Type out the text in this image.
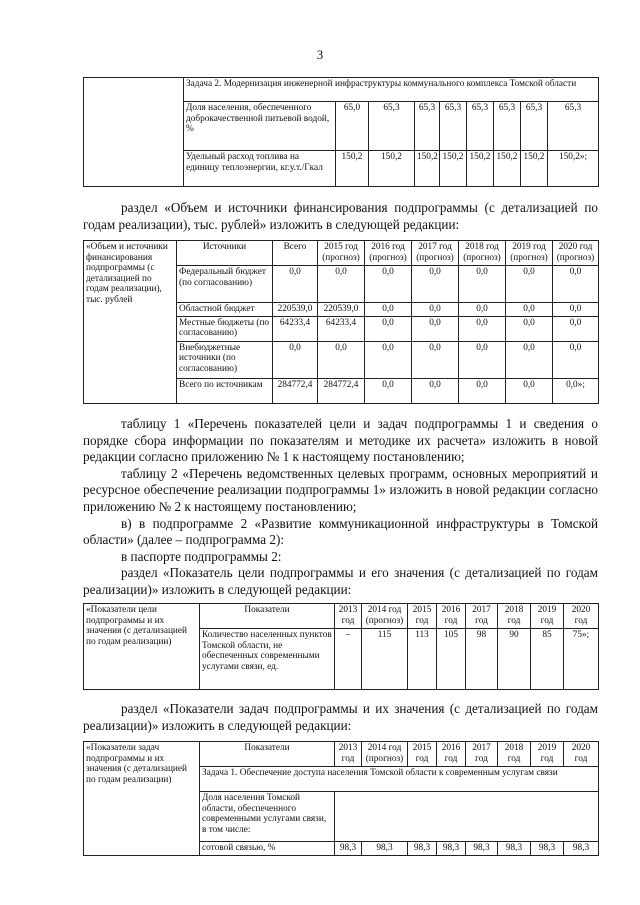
3
	Задача 2. Модернизация инженерной инфраструктуры коммунального комплекса Томской области								
	Доля населения, обеспеченного доброкачественной питьевой водой, %	65,0	65,3	65,3	65,3	65,3	65,3	65,3	65,3
	Удельный расход топлива на единицу теплоэнергии, кг.у.т./Гкал	150,2	150,2	150,2	150,2	150,2	150,2	150,2	150,2»;

раздел «Объем и источники финансирования подпрограммы (с детализацией по годам реализации), тыс. рублей» изложить в следующей редакции:

«Объем и источники финансирования подпрограммы (с детализацией по годам реализации), тыс. рублей	Источники	Всего	2015 год (прогноз)	2016 год (прогноз)	2017 год (прогноз)	2018 год (прогноз)	2019 год (прогноз)	2020 год (прогноз)
	Федеральный бюджет (по согласованию)	0,0	0,0	0,0	0,0	0,0	0,0	0,0
	Областной бюджет	220539,0	220539,0	0,0	0,0	0,0	0,0	0,0
	Местные бюджеты (по согласованию)	64233,4	64233,4	0,0	0,0	0,0	0,0	0,0
	Внебюджетные источники (по согласованию)	0,0	0,0	0,0	0,0	0,0	0,0	0,0
	Всего по источникам	284772,4	284772,4	0,0	0,0	0,0	0,0	0,0»;

таблицу 1 «Перечень показателей цели и задач подпрограммы 1 и сведения о порядке сбора информации по показателям и методике их расчета» изложить в новой редакции согласно приложению № 1 к настоящему постановлению;

таблицу 2 «Перечень ведомственных целевых программ, основных мероприятий и ресурсное обеспечение реализации подпрограммы 1» изложить в новой редакции согласно приложению № 2 к настоящему постановлению;

в) в подпрограмме 2 «Развитие коммуникационной инфраструктуры в Томской области» (далее – подпрограмма 2):

в паспорте подпрограммы 2:

раздел «Показатель цели подпрограммы и его значения (с детализацией по годам реализации)» изложить в следующей редакции:

«Показатели цели подпрограммы и их значения (с детализацией по годам реализации)	Показатели	2013 год	2014 год (прогноз)	2015 год	2016 год	2017 год	2018 год	2019 год	2020 год
	Количество населенных пунктов Томской области, не обеспеченных современными услугами связи, ед.	–	115	113	105	98	90	85	75»;

раздел «Показатели задач подпрограммы и их значения (с детализацией по годам реализации)» изложить в следующей редакции:

«Показатели задач подпрограммы и их значения (с детализацией по годам реализации)	Показатели	2013 год	2014 год (прогноз)	2015 год	2016 год	2017 год	2018 год	2019 год	2020 год
	Задача 1. Обеспечение доступа населения Томской области к современным услугам связи								
	Доля населения Томской области, обеспеченного современными услугами связи, в том числе:								
	сотовой связью, %	98,3	98,3	98,3	98,3	98,3	98,3	98,3	98,3
